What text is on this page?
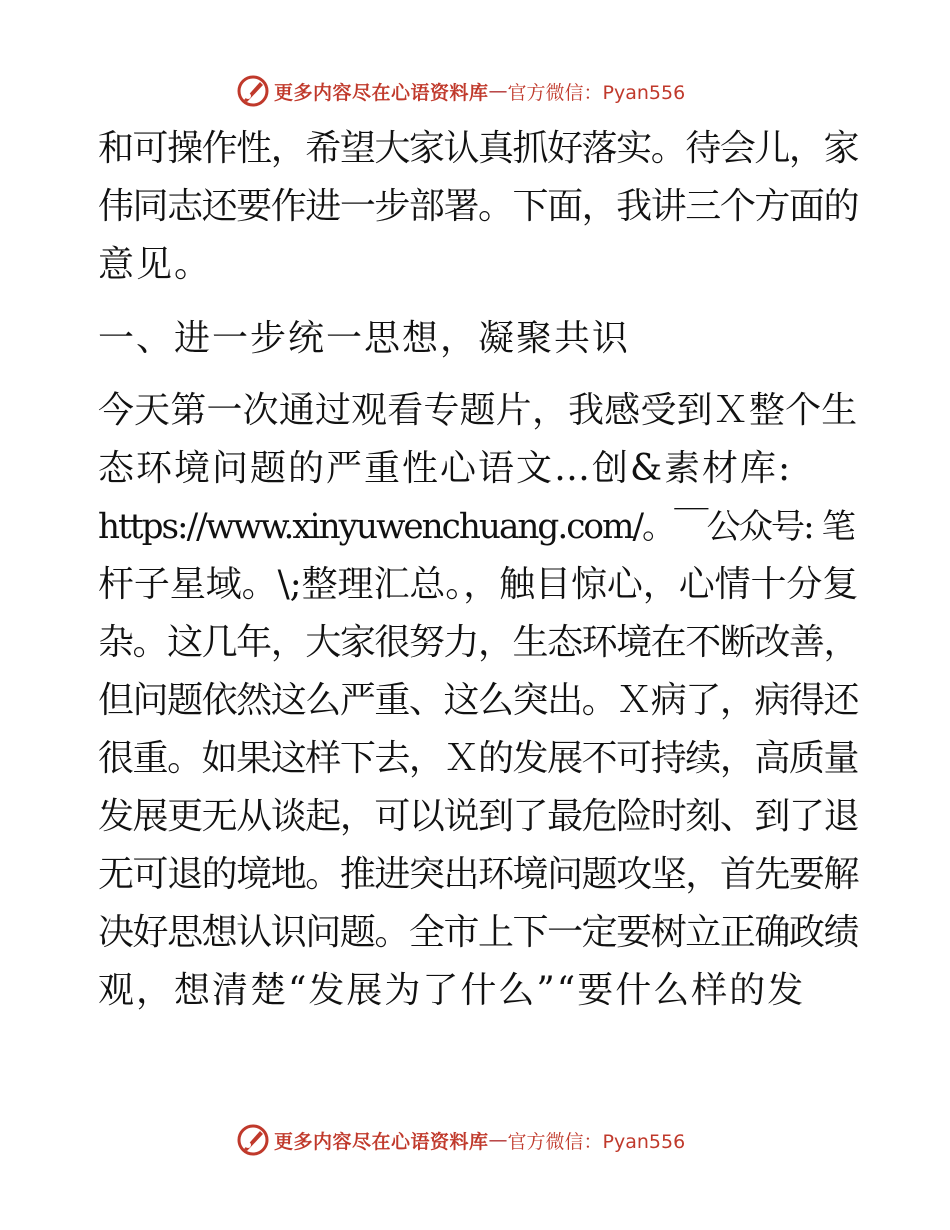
更多内容尽在心语资料库 — 官方微信：Pyan556
和可操作性，希望大家认真抓好落实。待会儿，家
伟同志还要作进一步部署。下面，我讲三个方面的
意见。
一、进一步统一思想，凝聚共识
今天第一次通过观看专题片，我感受到Ｘ整个生
态环境问题的严重性心语文…创&素材库:
https://www.xinyuwenchuang.com/。￣公众号: 笔
杆子星域。\;整理汇总。，触目惊心，心情十分复
杂。这几年，大家很努力，生态环境在不断改善，
但问题依然这么严重、这么突出。Ｘ病了，病得还
很重。如果这样下去，Ｘ的发展不可持续，高质量
发展更无从谈起，可以说到了最危险时刻、到了退
无可退的境地。推进突出环境问题攻坚，首先要解
决好思想认识问题。全市上下一定要树立正确政绩
观，想清楚“发展为了什么”“要什么样的发
更多内容尽在心语资料库 — 官方微信：Pyan556
